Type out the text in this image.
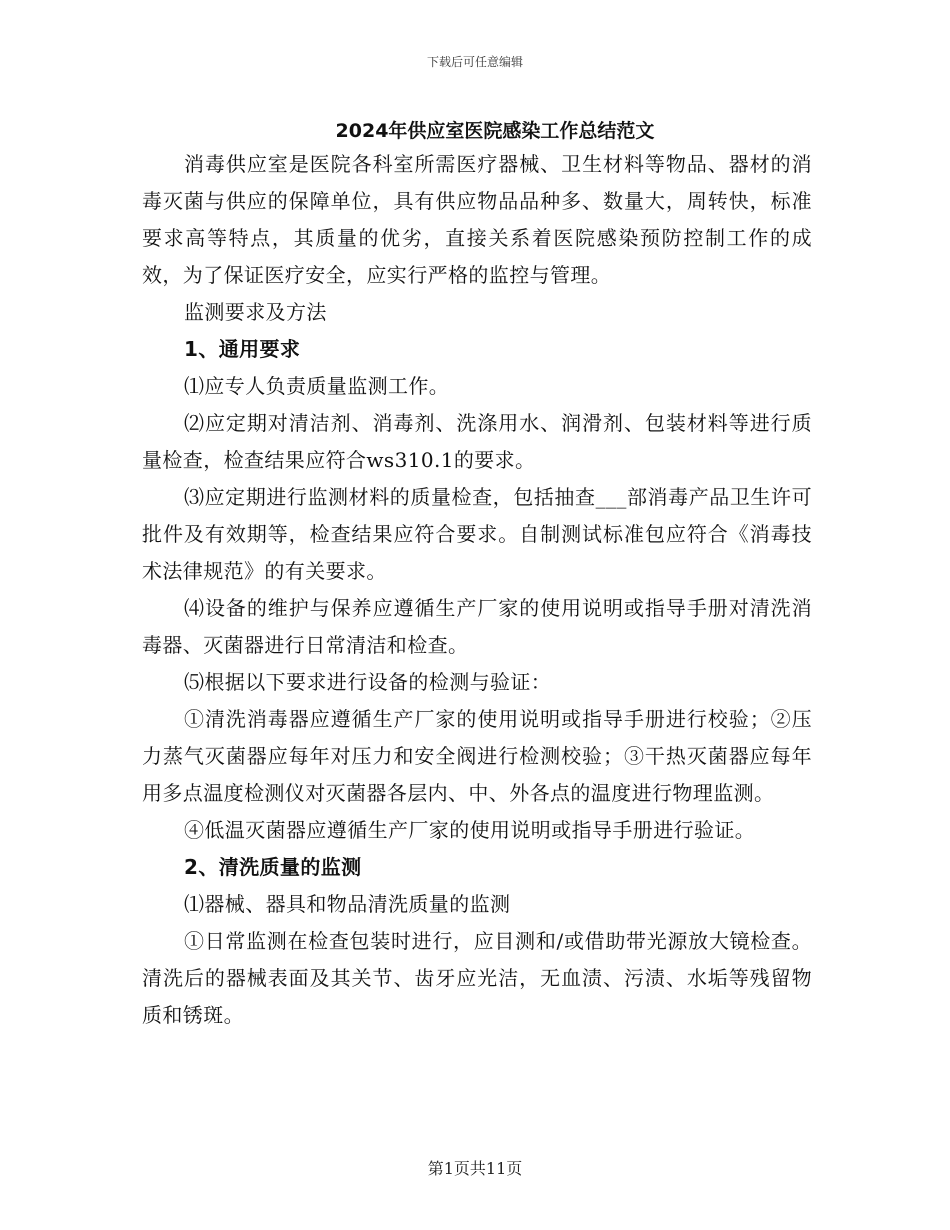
下载后可任意编辑
2024年供应室医院感染工作总结范文

消毒供应室是医院各科室所需医疗器械、卫生材料等物品、器材的消毒灭菌与供应的保障单位，具有供应物品品种多、数量大，周转快，标准要求高等特点，其质量的优劣，直接关系着医院感染预防控制工作的成效，为了保证医疗安全，应实行严格的监控与管理。

监测要求及方法

1、通用要求

⑴应专人负责质量监测工作。

⑵应定期对清洁剂、消毒剂、洗涤用水、润滑剂、包装材料等进行质量检查，检查结果应符合ws310.1的要求。

⑶应定期进行监测材料的质量检查，包括抽查___部消毒产品卫生许可批件及有效期等，检查结果应符合要求。自制测试标准包应符合《消毒技术法律规范》的有关要求。

⑷设备的维护与保养应遵循生产厂家的使用说明或指导手册对清洗消毒器、灭菌器进行日常清洁和检查。

⑸根据以下要求进行设备的检测与验证：

①清洗消毒器应遵循生产厂家的使用说明或指导手册进行校验；②压力蒸气灭菌器应每年对压力和安全阀进行检测校验；③干热灭菌器应每年用多点温度检测仪对灭菌器各层内、中、外各点的温度进行物理监测。

④低温灭菌器应遵循生产厂家的使用说明或指导手册进行验证。

2、清洗质量的监测

⑴器械、器具和物品清洗质量的监测

①日常监测在检查包装时进行，应目测和/或借助带光源放大镜检查。清洗后的器械表面及其关节、齿牙应光洁，无血渍、污渍、水垢等残留物质和锈斑。

第1页共11页
